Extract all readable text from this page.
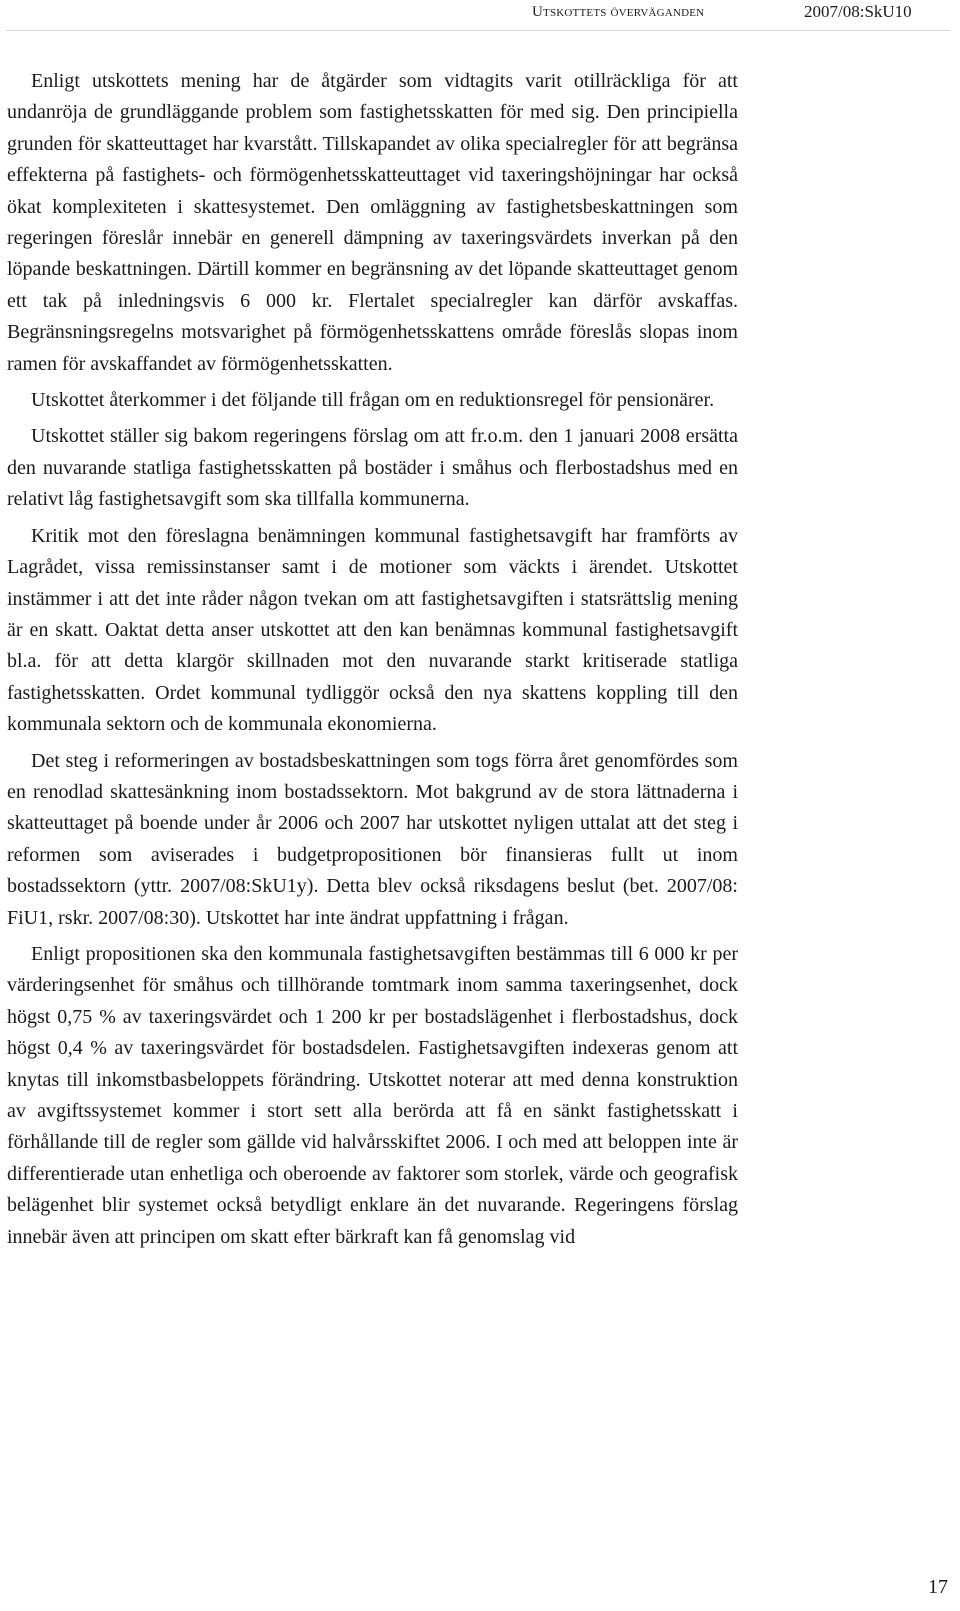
Utskottets överväganden	2007/08:SkU10

Enligt utskottets mening har de åtgärder som vidtagits varit otillräckliga för att undanröja de grundläggande problem som fastighetsskatten för med sig. Den principiella grunden för skatteuttaget har kvarstått. Tillskapandet av olika specialregler för att begränsa effekterna på fastighets- och förmögenhetsskatteuttaget vid taxeringshöjningar har också ökat komplexiteten i skattesystemet. Den omläggning av fastighetsbeskattningen som regeringen föreslår innebär en generell dämpning av taxeringsvärdets inverkan på den löpande beskattningen. Därtill kommer en begränsning av det löpande skatteuttaget genom ett tak på inledningsvis 6 000 kr. Flertalet specialregler kan därför avskaffas. Begränsningsregelns motsvarighet på förmögenhetsskattens område föreslås slopas inom ramen för avskaffandet av förmögenhetsskatten.

Utskottet återkommer i det följande till frågan om en reduktionsregel för pensionärer.

Utskottet ställer sig bakom regeringens förslag om att fr.o.m. den 1 januari 2008 ersätta den nuvarande statliga fastighetsskatten på bostäder i småhus och flerbostadshus med en relativt låg fastighetsavgift som ska tillfalla kommunerna.

Kritik mot den föreslagna benämningen kommunal fastighetsavgift har framförts av Lagrådet, vissa remissinstanser samt i de motioner som väckts i ärendet. Utskottet instämmer i att det inte råder någon tvekan om att fastighetsavgiften i statsrättslig mening är en skatt. Oaktat detta anser utskottet att den kan benämnas kommunal fastighetsavgift bl.a. för att detta klargör skillnaden mot den nuvarande starkt kritiserade statliga fastighetsskatten. Ordet kommunal tydliggör också den nya skattens koppling till den kommunala sektorn och de kommunala ekonomierna.

Det steg i reformeringen av bostadsbeskattningen som togs förra året genomfördes som en renodlad skattesänkning inom bostadssektorn. Mot bakgrund av de stora lättnaderna i skatteuttaget på boende under år 2006 och 2007 har utskottet nyligen uttalat att det steg i reformen som aviserades i budgetpropositionen bör finansieras fullt ut inom bostadssektorn (yttr. 2007/08:SkU1y). Detta blev också riksdagens beslut (bet. 2007/08: FiU1, rskr. 2007/08:30). Utskottet har inte ändrat uppfattning i frågan.

Enligt propositionen ska den kommunala fastighetsavgiften bestämmas till 6 000 kr per värderingsenhet för småhus och tillhörande tomtmark inom samma taxeringsenhet, dock högst 0,75 % av taxeringsvärdet och 1 200 kr per bostadslägenhet i flerbostadshus, dock högst 0,4 % av taxeringsvärdet för bostadsdelen. Fastighetsavgiften indexeras genom att knytas till inkomstbasbeloppets förändring. Utskottet noterar att med denna konstruktion av avgiftssystemet kommer i stort sett alla berörda att få en sänkt fastighetsskatt i förhållande till de regler som gällde vid halvårsskiftet 2006. I och med att beloppen inte är differentierade utan enhetliga och oberoende av faktorer som storlek, värde och geografisk belägenhet blir systemet också betydligt enklare än det nuvarande. Regeringens förslag innebär även att principen om skatt efter bärkraft kan få genomslag vid

17
